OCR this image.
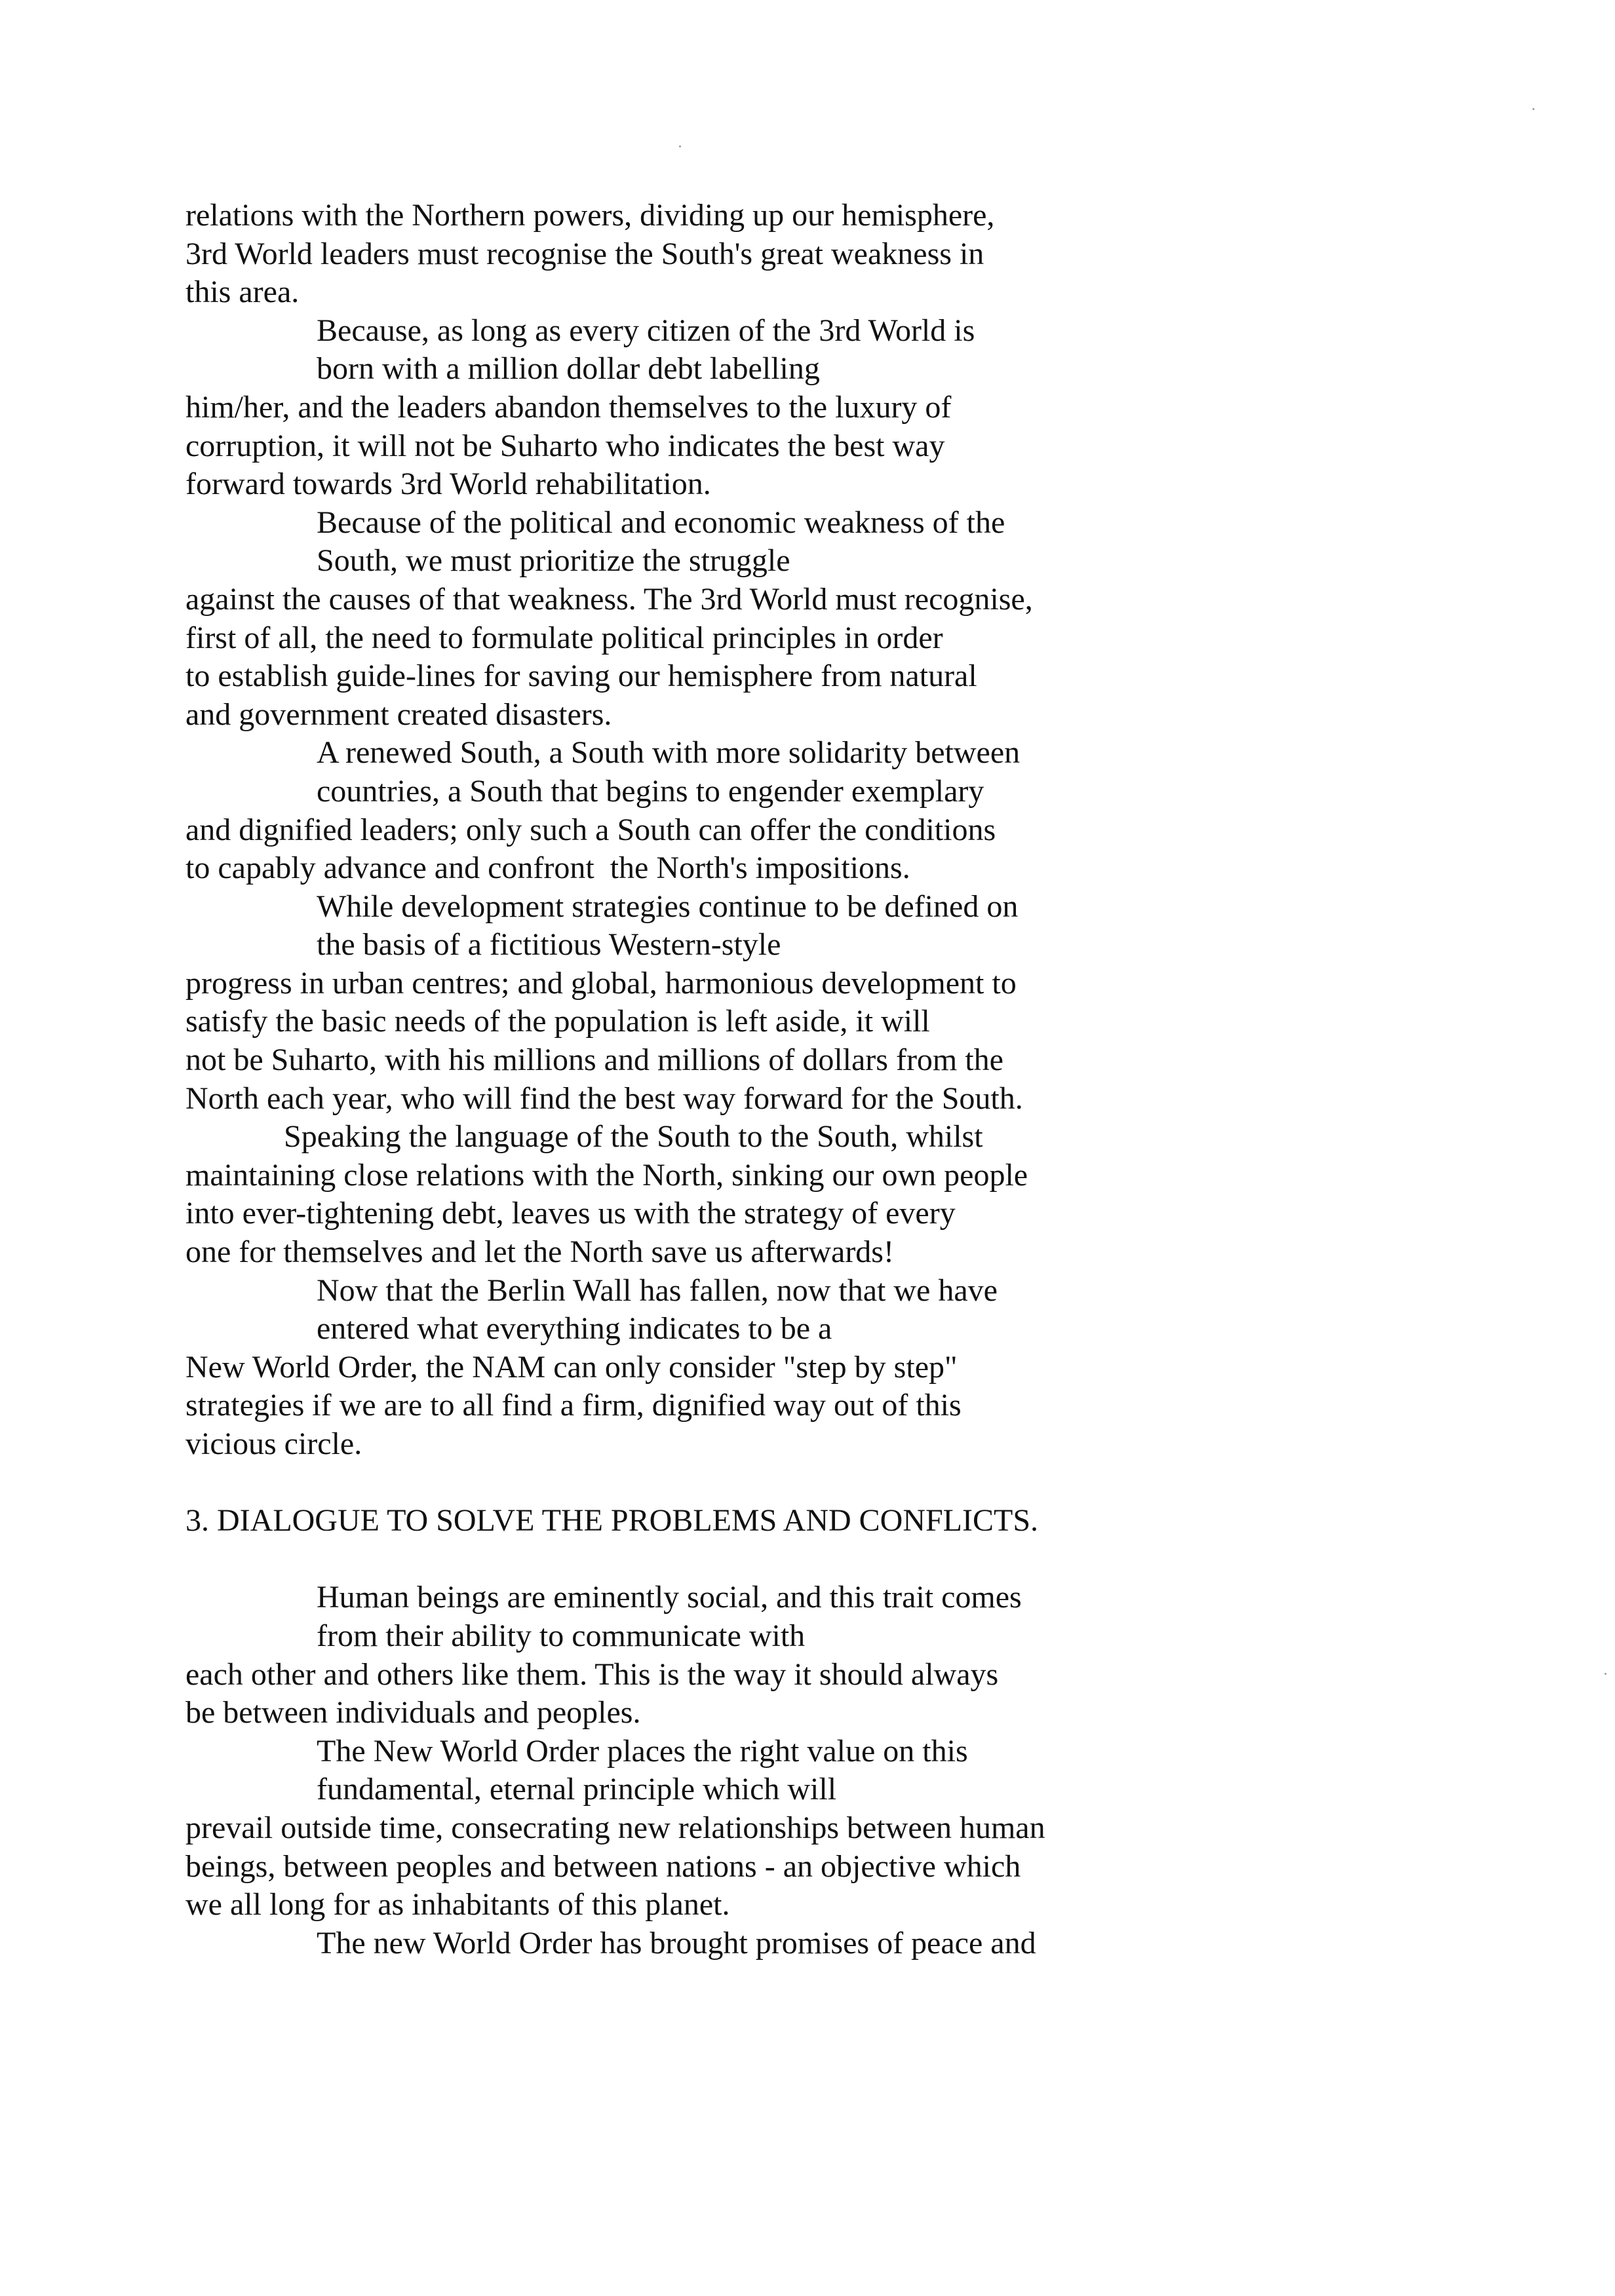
relations with the Northern powers, dividing up our hemisphere,
3rd World leaders must recognise the South's great weakness in
this area.
Because, as long as every citizen of the 3rd World is
born with a million dollar debt labelling
him/her, and the leaders abandon themselves to the luxury of
corruption, it will not be Suharto who indicates the best way
forward towards 3rd World rehabilitation.
Because of the political and economic weakness of the
South, we must prioritize the struggle
against the causes of that weakness. The 3rd World must recognise,
first of all, the need to formulate political principles in order
to establish guide-lines for saving our hemisphere from natural
and government created disasters.
A renewed South, a South with more solidarity between
countries, a South that begins to engender exemplary
and dignified leaders; only such a South can offer the conditions
to capably advance and confront  the North's impositions.
While development strategies continue to be defined on
the basis of a fictitious Western-style
progress in urban centres; and global, harmonious development to
satisfy the basic needs of the population is left aside, it will
not be Suharto, with his millions and millions of dollars from the
North each year, who will find the best way forward for the South.
Speaking the language of the South to the South, whilst
maintaining close relations with the North, sinking our own people
into ever-tightening debt, leaves us with the strategy of every
one for themselves and let the North save us afterwards!
Now that the Berlin Wall has fallen, now that we have
entered what everything indicates to be a
New World Order, the NAM can only consider "step by step"
strategies if we are to all find a firm, dignified way out of this
vicious circle.
3. DIALOGUE TO SOLVE THE PROBLEMS AND CONFLICTS.
Human beings are eminently social, and this trait comes
from their ability to communicate with
each other and others like them. This is the way it should always
be between individuals and peoples.
The New World Order places the right value on this
fundamental, eternal principle which will
prevail outside time, consecrating new relationships between human
beings, between peoples and between nations - an objective which
we all long for as inhabitants of this planet.
The new World Order has brought promises of peace and
